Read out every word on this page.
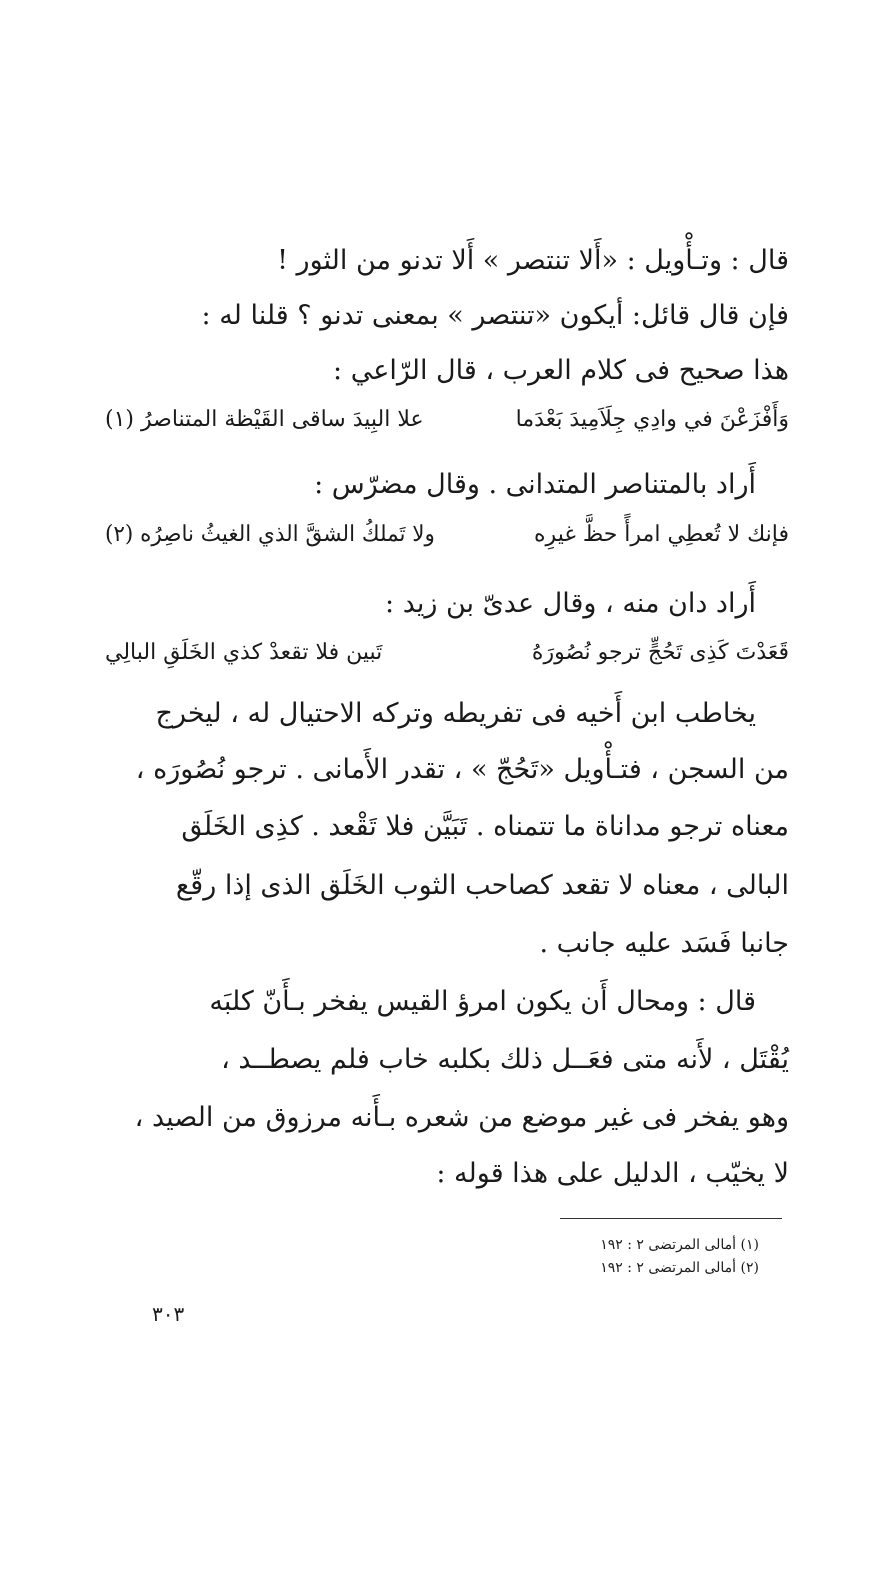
قال : وتـأْويل : «أَلا تنتصر » أَلا تدنو من الثور !
فإن قال قائل: أيكون «تنتصر » بمعنى تدنو ؟ قلنا له :
هذا صحيح فى كلام العرب ، قال الرّاعي :
وَأَفْزَعْنَ في وادِي جِلَاَمِيدَ بَعْدَما
علا البِيدَ ساقى القَيْظة المتناصرُ (١)
أَراد بالمتناصر المتدانى . وقال مضرّس :
فإنك لا تُعطِي امرأً حظَّ غيرِه
ولا تَملكُ الشقَّ الذي الغيثُ ناصِرُه (٢)
أَراد دان منه ، وقال عدىّ بن زيد :
قَعَدْتَ كَذِى تَحُجٍّ ترجو نُصُورَهُ
تَبين فلا تقعدْ كذي الخَلَقِ البالِي
يخاطب ابن أَخيه فى تفريطه وتركه الاحتيال له ، ليخرج
من السجن ، فتـأْويل «تَحُجّ » ، تقدر الأَمانى . ترجو نُصُورَه ،
معناه ترجو مداناة ما تتمناه . تَبَيَّن فلا تَقْعد . كذِى الخَلَق
البالى ، معناه لا تقعد كصاحب الثوب الخَلَق الذى إذا رقّع
جانبا فَسَد عليه جانب .
قال : ومحال أَن يكون امرؤ القيس يفخر بـأَنّ كلبَه
يُقْتَل ، لأَنه متى فعَــل ذلك بكلبه خاب فلم يصطــد ،
وهو يفخر فى غير موضع من شعره بـأَنه مرزوق من الصيد ،
لا يخيّب ، الدليل على هذا قوله :
(١) أمالى المرتضى ٢ : ١٩٢
(٢) أمالى المرتضى ٢ : ١٩٢
٣٠٣
